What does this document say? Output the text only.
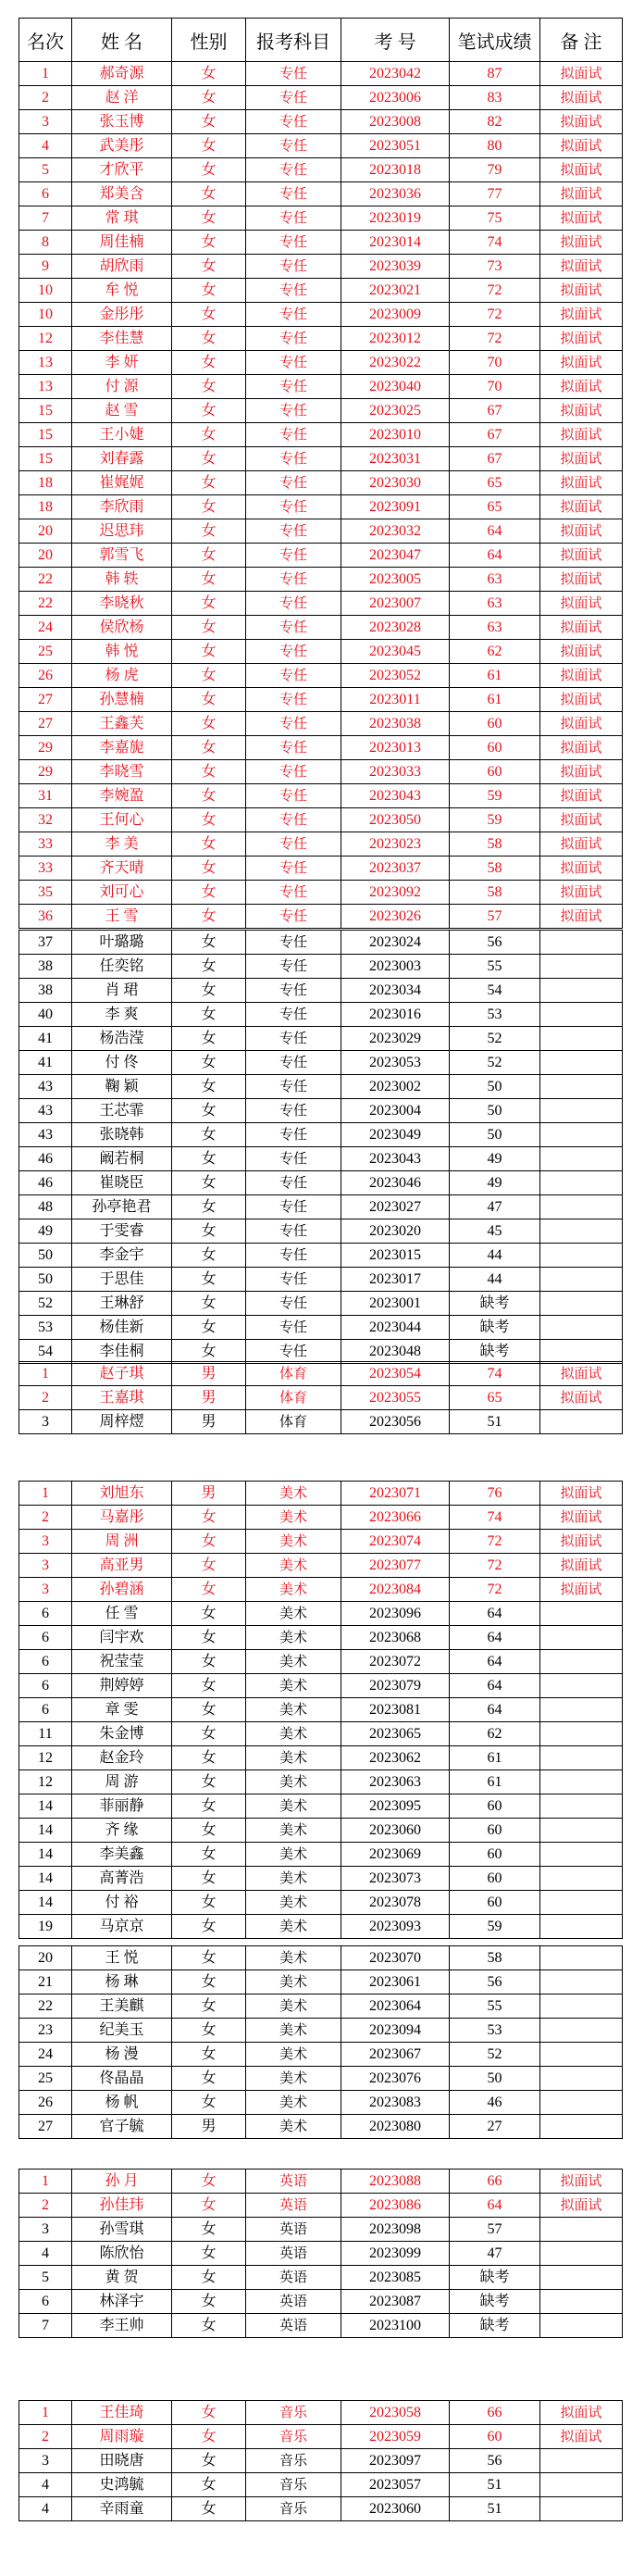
名次	姓 名	性别	报考科目	考 号	笔试成绩	备 注
1	郝奇源	女	专任	2023042	87	拟面试
2	赵 洋	女	专任	2023006	83	拟面试
3	张玉博	女	专任	2023008	82	拟面试
4	武美彤	女	专任	2023051	80	拟面试
5	才欣平	女	专任	2023018	79	拟面试
6	郑美含	女	专任	2023036	77	拟面试
7	常 琪	女	专任	2023019	75	拟面试
8	周佳楠	女	专任	2023014	74	拟面试
9	胡欣雨	女	专任	2023039	73	拟面试
10	牟 悦	女	专任	2023021	72	拟面试
10	金彤彤	女	专任	2023009	72	拟面试
12	李佳慧	女	专任	2023012	72	拟面试
13	李 妍	女	专任	2023022	70	拟面试
13	付 源	女	专任	2023040	70	拟面试
15	赵 雪	女	专任	2023025	67	拟面试
15	王小婕	女	专任	2023010	67	拟面试
15	刘春露	女	专任	2023031	67	拟面试
18	崔娓娓	女	专任	2023030	65	拟面试
18	李欣雨	女	专任	2023091	65	拟面试
20	迟思玮	女	专任	2023032	64	拟面试
20	郭雪飞	女	专任	2023047	64	拟面试
22	韩 轶	女	专任	2023005	63	拟面试
22	李晓秋	女	专任	2023007	63	拟面试
24	侯欣杨	女	专任	2023028	63	拟面试
25	韩 悦	女	专任	2023045	62	拟面试
26	杨 虎	女	专任	2023052	61	拟面试
27	孙慧楠	女	专任	2023011	61	拟面试
27	王鑫芙	女	专任	2023038	60	拟面试
29	李嘉旎	女	专任	2023013	60	拟面试
29	李晓雪	女	专任	2023033	60	拟面试
31	李婉盈	女	专任	2023043	59	拟面试
32	王何心	女	专任	2023050	59	拟面试
33	李 美	女	专任	2023023	58	拟面试
33	齐天晴	女	专任	2023037	58	拟面试
35	刘可心	女	专任	2023092	58	拟面试
36	王 雪	女	专任	2023026	57	拟面试
37	叶璐璐	女	专任	2023024	56	
38	任奕铭	女	专任	2023003	55	
38	肖 珺	女	专任	2023034	54	
40	李 爽	女	专任	2023016	53	
41	杨浩滢	女	专任	2023029	52	
41	付 佟	女	专任	2023053	52	
43	鞠 颖	女	专任	2023002	50	
43	王芯霏	女	专任	2023004	50	
43	张晓韩	女	专任	2023049	50	
46	阚若桐	女	专任	2023043	49	
46	崔晓臣	女	专任	2023046	49	
48	孙亭艳君	女	专任	2023027	47	
49	于雯睿	女	专任	2023020	45	
50	李金宇	女	专任	2023015	44	
50	于思佳	女	专任	2023017	44	
52	王琳舒	女	专任	2023001	缺考	
53	杨佳新	女	专任	2023044	缺考	
54	李佳桐	女	专任	2023048	缺考	
1	赵子琪	男	体育	2023054	74	拟面试
2	王嘉琪	男	体育	2023055	65	拟面试
3	周梓熤	男	体育	2023056	51	
1	刘旭东	男	美术	2023071	76	拟面试
2	马嘉彤	女	美术	2023066	74	拟面试
3	周 洲	女	美术	2023074	72	拟面试
3	高亚男	女	美术	2023077	72	拟面试
3	孙碧涵	女	美术	2023084	72	拟面试
6	任 雪	女	美术	2023096	64	
6	闫宇欢	女	美术	2023068	64	
6	祝莹莹	女	美术	2023072	64	
6	荆婷婷	女	美术	2023079	64	
6	章 雯	女	美术	2023081	64	
11	朱金博	女	美术	2023065	62	
12	赵金玲	女	美术	2023062	61	
12	周 游	女	美术	2023063	61	
14	菲丽静	女	美术	2023095	60	
14	齐 缘	女	美术	2023060	60	
14	李美鑫	女	美术	2023069	60	
14	高菁浩	女	美术	2023073	60	
14	付 裕	女	美术	2023078	60	
19	马京京	女	美术	2023093	59	
20	王 悦	女	美术	2023070	58	
21	杨 琳	女	美术	2023061	56	
22	王美麒	女	美术	2023064	55	
23	纪美玉	女	美术	2023094	53	
24	杨 漫	女	美术	2023067	52	
25	佟晶晶	女	美术	2023076	50	
26	杨 帆	女	美术	2023083	46	
27	官子毓	男	美术	2023080	27	
1	孙 月	女	英语	2023088	66	拟面试
2	孙佳玮	女	英语	2023086	64	拟面试
3	孙雪琪	女	英语	2023098	57	
4	陈欣怡	女	英语	2023099	47	
5	黄 贺	女	英语	2023085	缺考	
6	林泽宇	女	英语	2023087	缺考	
7	李王帅	女	英语	2023100	缺考	
1	王佳琦	女	音乐	2023058	66	拟面试
2	周雨璇	女	音乐	2023059	60	拟面试
3	田晓唐	女	音乐	2023097	56	
4	史鸿毓	女	音乐	2023057	51	
4	辛雨童	女	音乐	2023060	51	
